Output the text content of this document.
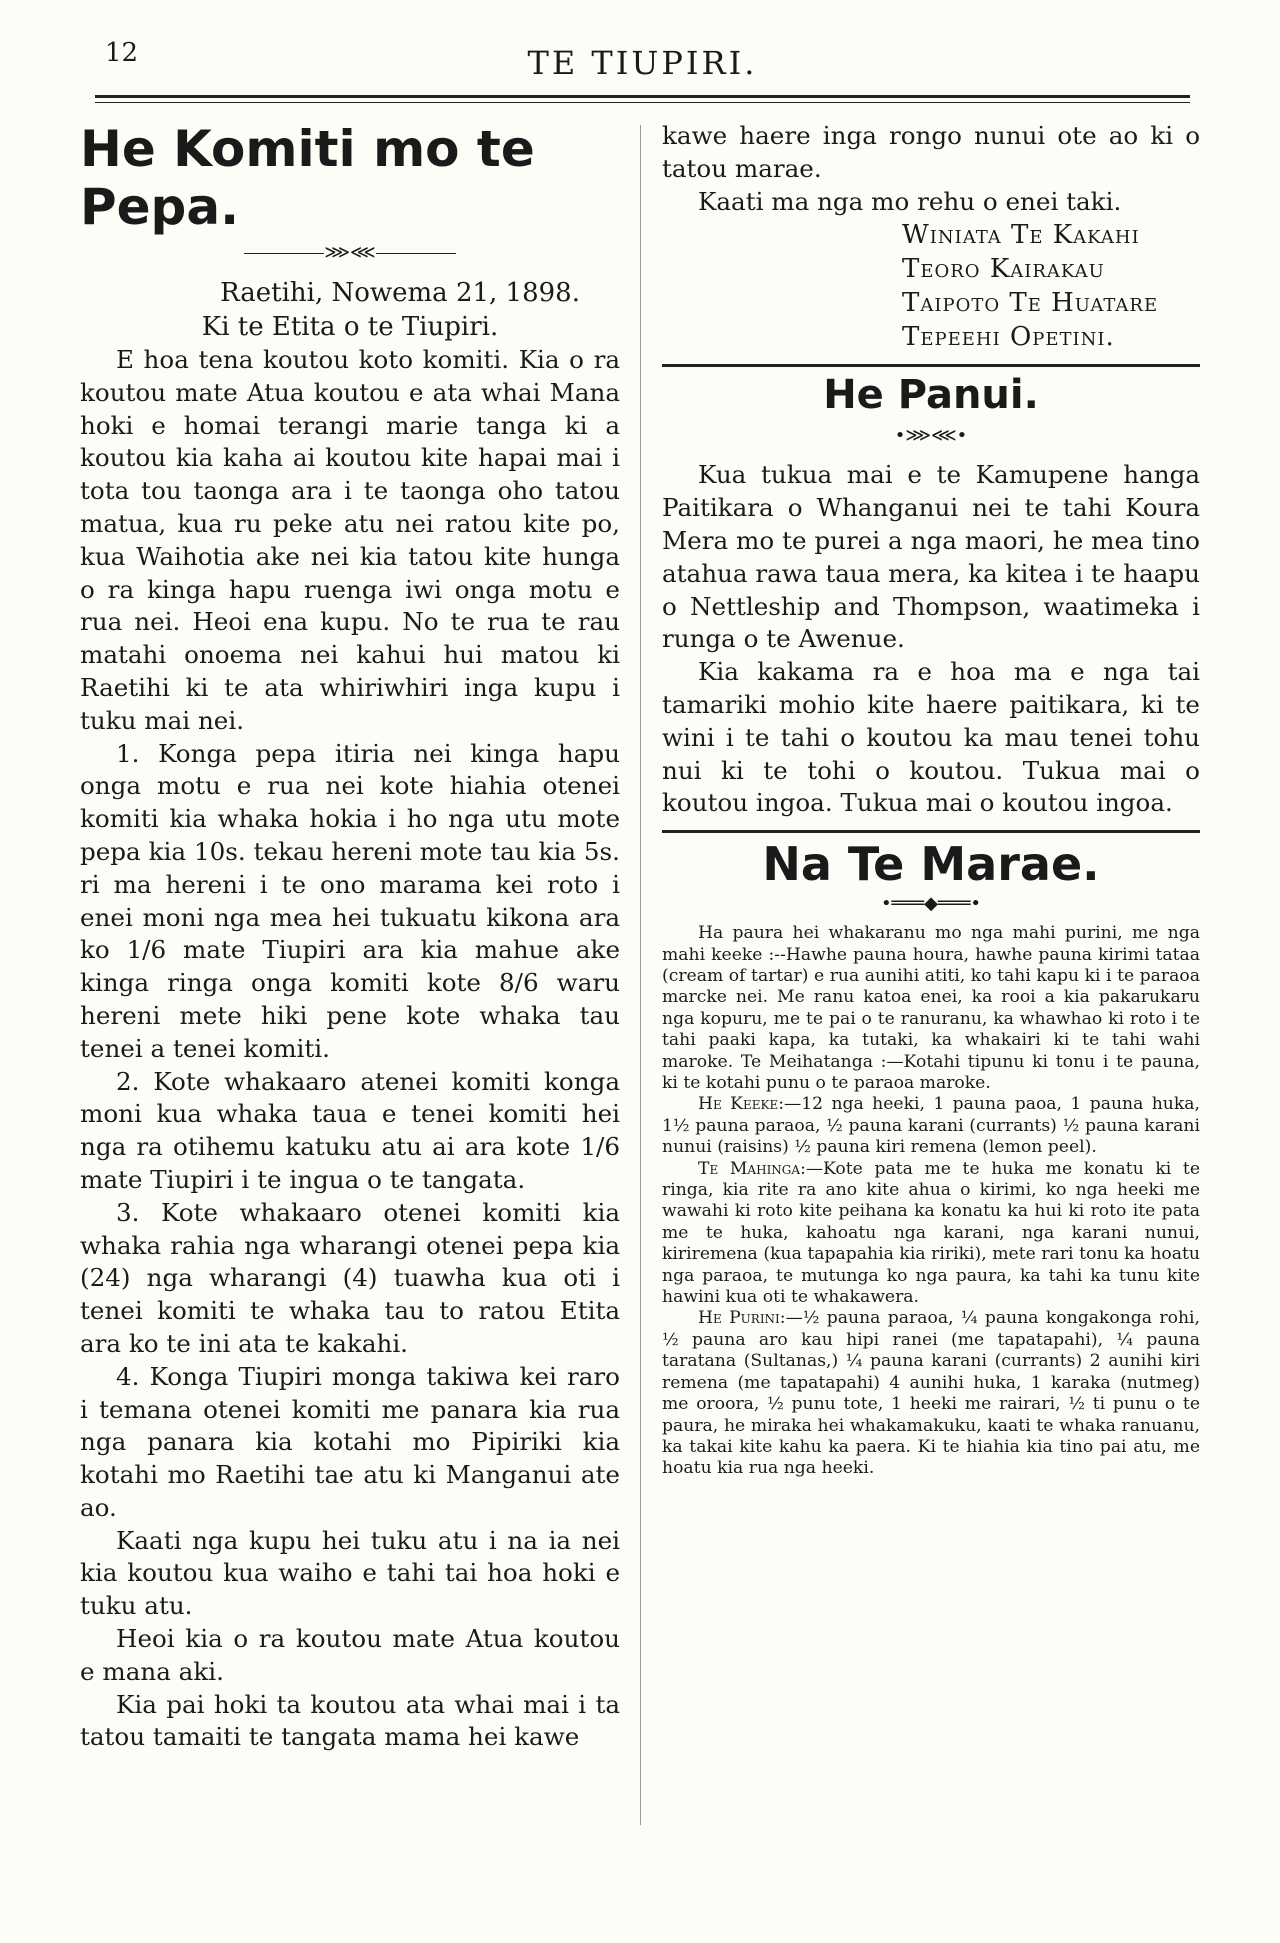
12	TE TIUPIRI.
He Komiti mo te Pepa.
⋙⋘

Raetihi, Nowema 21, 1898.

Ki te Etita o te Tiupiri.

E hoa tena koutou koto komiti. Kia o ra koutou mate Atua koutou e ata whai Mana hoki e homai terangi marie tanga ki a koutou kia kaha ai koutou kite hapai mai i tota tou taonga ara i te taonga oho tatou matua, kua ru peke atu nei ratou kite po, kua Waihotia ake nei kia tatou kite hunga o ra kinga hapu ruenga iwi onga motu e rua nei. Heoi ena kupu. No te rua te rau matahi onoema nei kahui hui matou ki Raetihi ki te ata whiriwhiri inga kupu i tuku mai nei.

1. Konga pepa itiria nei kinga hapu onga motu e rua nei kote hiahia otenei komiti kia whaka hokia i ho nga utu mote pepa kia 10s. tekau hereni mote tau kia 5s. ri ma hereni i te ono marama kei roto i enei moni nga mea hei tukuatu kikona ara ko 1/6 mate Tiupiri ara kia mahue ake kinga ringa onga komiti kote 8/6 waru hereni mete hiki pene kote whaka tau tenei a tenei komiti.

2. Kote whakaaro atenei komiti konga moni kua whaka taua e tenei komiti hei nga ra otihemu katuku atu ai ara kote 1/6 mate Tiupiri i te ingua o te tangata.

3. Kote whakaaro otenei komiti kia whaka rahia nga wharangi otenei pepa kia (24) nga wharangi (4) tuawha kua oti i tenei komiti te whaka tau to ratou Etita ara ko te ini ata te kakahi.

4. Konga Tiupiri monga takiwa kei raro i temana otenei komiti me panara kia rua nga panara kia kotahi mo Pipiriki kia kotahi mo Raetihi tae atu ki Manganui ate ao.

Kaati nga kupu hei tuku atu i na ia nei kia koutou kua waiho e tahi tai hoa hoki e tuku atu.

Heoi kia o ra koutou mate Atua koutou e mana aki.

Kia pai hoki ta koutou ata whai mai i ta tatou tamaiti te tangata mama hei kawe

kawe haere inga rongo nunui ote ao ki o tatou marae.

Kaati ma nga mo rehu o enei taki.

Winiata Te Kakahi
Teoro Kairakau
Taipoto Te Huatare
Tepeehi Opetini.
He Panui.
•⋙⋘•

Kua tukua mai e te Kamupene hanga Paitikara o Whanganui nei te tahi Koura Mera mo te purei a nga maori, he mea tino atahua rawa taua mera, ka kitea i te haapu o Nettleship and Thompson, waatimeka i runga o te Awenue.

Kia kakama ra e hoa ma e nga tai tamariki mohio kite haere paitikara, ki te wini i te tahi o koutou ka mau tenei tohu nui ki te tohi o koutou. Tukua mai o koutou ingoa. Tukua mai o koutou ingoa.

Na Te Marae.
•═══◆═══•

Ha paura hei whakaranu mo nga mahi purini, me nga mahi keeke :--Hawhe pauna houra, hawhe pauna kirimi tataa (cream of tartar) e rua aunihi atiti, ko tahi kapu ki i te paraoa marcke nei. Me ranu katoa enei, ka rooi a kia pakarukaru nga kopuru, me te pai o te ranuranu, ka whawhao ki roto i te tahi paaki kapa, ka tutaki, ka whakairi ki te tahi wahi maroke. Te Meihatanga :—Kotahi tipunu ki tonu i te pauna, ki te kotahi punu o te paraoa maroke.

He Keeke:—12 nga heeki, 1 pauna paoa, 1 pauna huka, 1½ pauna paraoa, ½ pauna karani (currants) ½ pauna karani nunui (raisins) ½ pauna kiri remena (lemon peel).

Te Mahinga:—Kote pata me te huka me konatu ki te ringa, kia rite ra ano kite ahua o kirimi, ko nga heeki me wawahi ki roto kite peihana ka konatu ka hui ki roto ite pata me te huka, kahoatu nga karani, nga karani nunui, kiriremena (kua tapapahia kia ririki), mete rari tonu ka hoatu nga paraoa, te mutunga ko nga paura, ka tahi ka tunu kite hawini kua oti te whakawera.

He Purini:—½ pauna paraoa, ¼ pauna kongakonga rohi, ½ pauna aro kau hipi ranei (me tapatapahi), ¼ pauna taratana (Sultanas,) ¼ pauna karani (currants) 2 aunihi kiri remena (me tapatapahi) 4 aunihi huka, 1 karaka (nutmeg) me oroora, ½ punu tote, 1 heeki me rairari, ½ ti punu o te paura, he miraka hei whakamakuku, kaati te whaka ranuanu, ka takai kite kahu ka paera. Ki te hiahia kia tino pai atu, me hoatu kia rua nga heeki.
